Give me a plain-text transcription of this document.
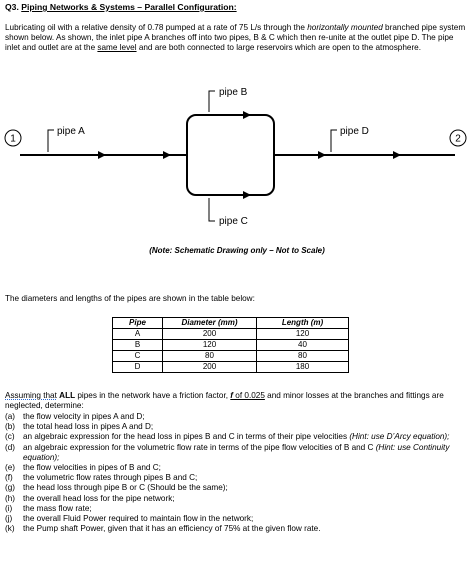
Q3. Piping Networks & Systems – Parallel Configuration:
Lubricating oil with a relative density of 0.78 pumped at a rate of 75 L/s through the horizontally mounted branched pipe system shown below. As shown, the inlet pipe A branches off into two pipes, B & C which then re-unite at the outlet pipe D. The pipe inlet and outlet are at the same level and are both connected to large reservoirs which are open to the atmosphere.
pipe A	pipe D
pipe B
pipe C
1	2
(Note: Schematic Drawing only – Not to Scale)
The diameters and lengths of the pipes are shown in the table below:
Pipe	Diameter (mm)	Length (m)
A	200	120
B	120	40
C	80	80
D	200	180
Assuming that ALL pipes in the network have a friction factor, f of 0.025 and minor losses at the branches and fittings are neglected, determine:
(a) the flow velocity in pipes A and D;
(b) the total head loss in pipes A and D;
(c)	an algebraic expression for the head loss in pipes B and C in terms of their pipe velocities (Hint: use D’Arcy equation);
(d) an algebraic expression for the volumetric flow rate in terms of the pipe flow velocities of B and C (Hint: use Continuity equation);
(e) the flow velocities in pipes of B and C;
(f)	the volumetric flow rates through pipes B and C;
(g) the head loss through pipe B or C (Should be the same);
(h) the overall head loss for the pipe network;
(i)	the mass flow rate;
(j)	the overall Fluid Power required to maintain flow in the network;
(k)	the Pump shaft Power, given that it has an efficiency of 75% at the given flow rate.
